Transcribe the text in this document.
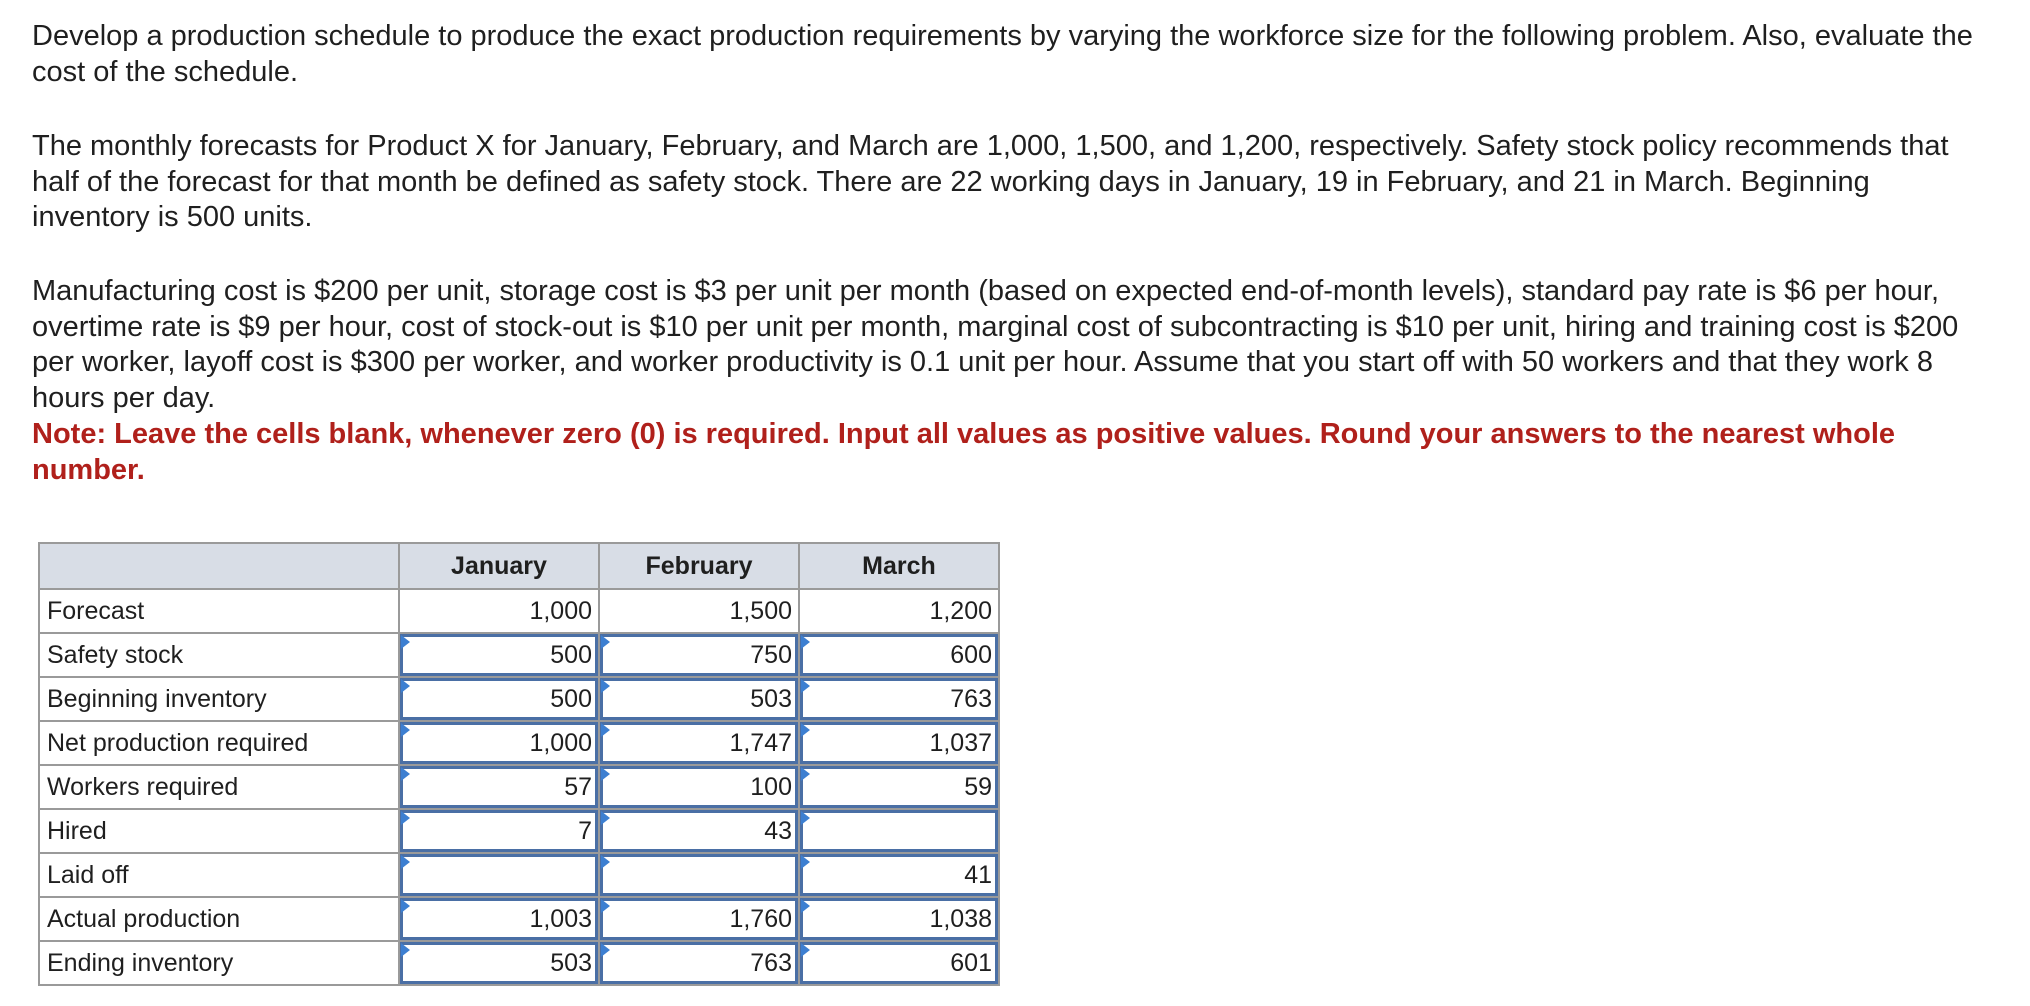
Develop a production schedule to produce the exact production requirements by varying the workforce size for the following problem. Also, evaluate the cost of the schedule.

The monthly forecasts for Product X for January, February, and March are 1,000, 1,500, and 1,200, respectively. Safety stock policy recommends that half of the forecast for that month be defined as safety stock. There are 22 working days in January, 19 in February, and 21 in March. Beginning inventory is 500 units.

Manufacturing cost is $200 per unit, storage cost is $3 per unit per month (based on expected end-of-month levels), standard pay rate is $6 per hour, overtime rate is $9 per hour, cost of stock-out is $10 per unit per month, marginal cost of subcontracting is $10 per unit, hiring and training cost is $200 per worker, layoff cost is $300 per worker, and worker productivity is 0.1 unit per hour. Assume that you start off with 50 workers and that they work 8 hours per day.

Note: Leave the cells blank, whenever zero (0) is required. Input all values as positive values. Round your answers to the nearest whole number.

	January	February	March
Forecast	1,000	1,500	1,200
Safety stock	500	750	600
Beginning inventory	500	503	763
Net production required	1,000	1,747	1,037
Workers required	57	100	59
Hired	7	43	
Laid off			41
Actual production	1,003	1,760	1,038
Ending inventory	503	763	601
